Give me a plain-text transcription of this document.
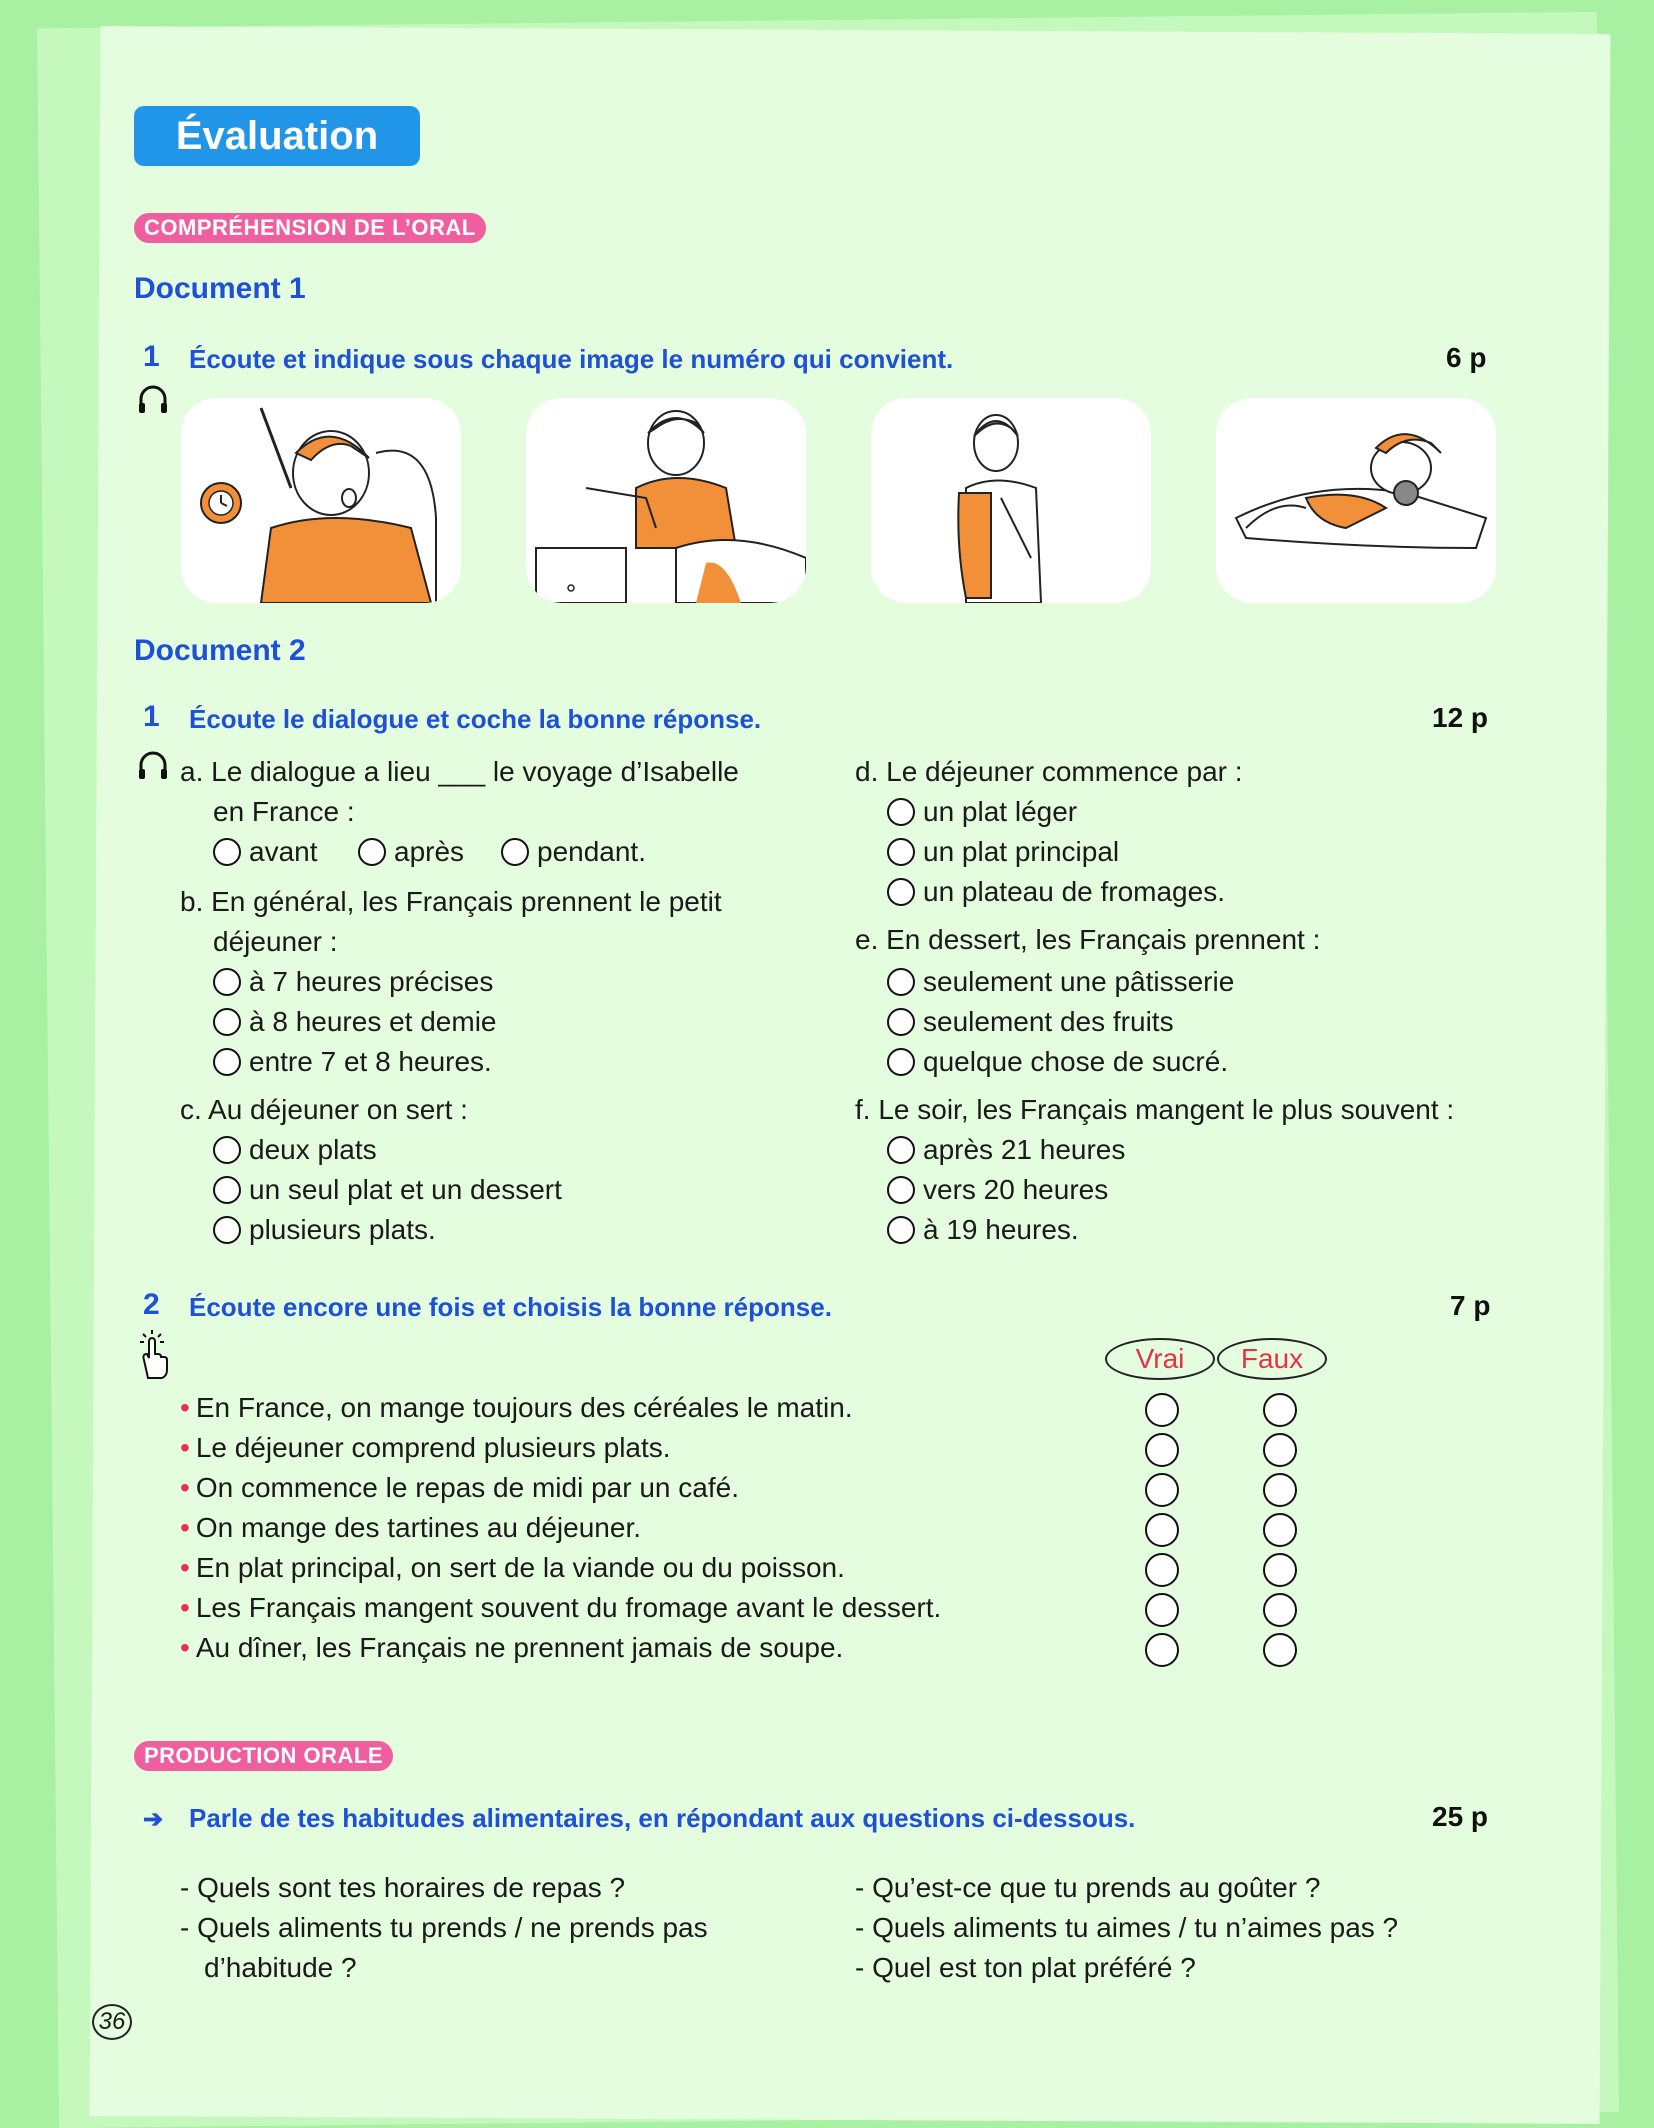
Évaluation
COMPRÉHENSION DE L’ORAL
Document 1
1 Écoute et indique sous chaque image le numéro qui convient.	6 p
Document 2
1 Écoute le dialogue et coche la bonne réponse.	12 p
a. Le dialogue a lieu ___ le voyage d’Isabelle
en France :
avant	après	pendant.
b. En général, les Français prennent le petit
déjeuner :
à 7 heures précises
à 8 heures et demie
entre 7 et 8 heures.
c. Au déjeuner on sert :
deux plats
un seul plat et un dessert
plusieurs plats.
d. Le déjeuner commence par :
un plat léger
un plat principal
un plateau de fromages.
e. En dessert, les Français prennent :
seulement une pâtisserie
seulement des fruits
quelque chose de sucré.
f. Le soir, les Français mangent le plus souvent :
après 21 heures
vers 20 heures
à 19 heures.
2 Écoute encore une fois et choisis la bonne réponse.	7 p
Vrai	Faux
• En France, on mange toujours des céréales le matin.
• Le déjeuner comprend plusieurs plats.
• On commence le repas de midi par un café.
• On mange des tartines au déjeuner.
• En plat principal, on sert de la viande ou du poisson.
• Les Français mangent souvent du fromage avant le dessert.
• Au dîner, les Français ne prennent jamais de soupe.
PRODUCTION ORALE
➔ Parle de tes habitudes alimentaires, en répondant aux questions ci-dessous.	25 p
- Quels sont tes horaires de repas ?
- Quels aliments tu prends / ne prends pas
d’habitude ?
- Qu’est-ce que tu prends au goûter ?
- Quels aliments tu aimes / tu n’aimes pas ?
- Quel est ton plat préféré ?
36
